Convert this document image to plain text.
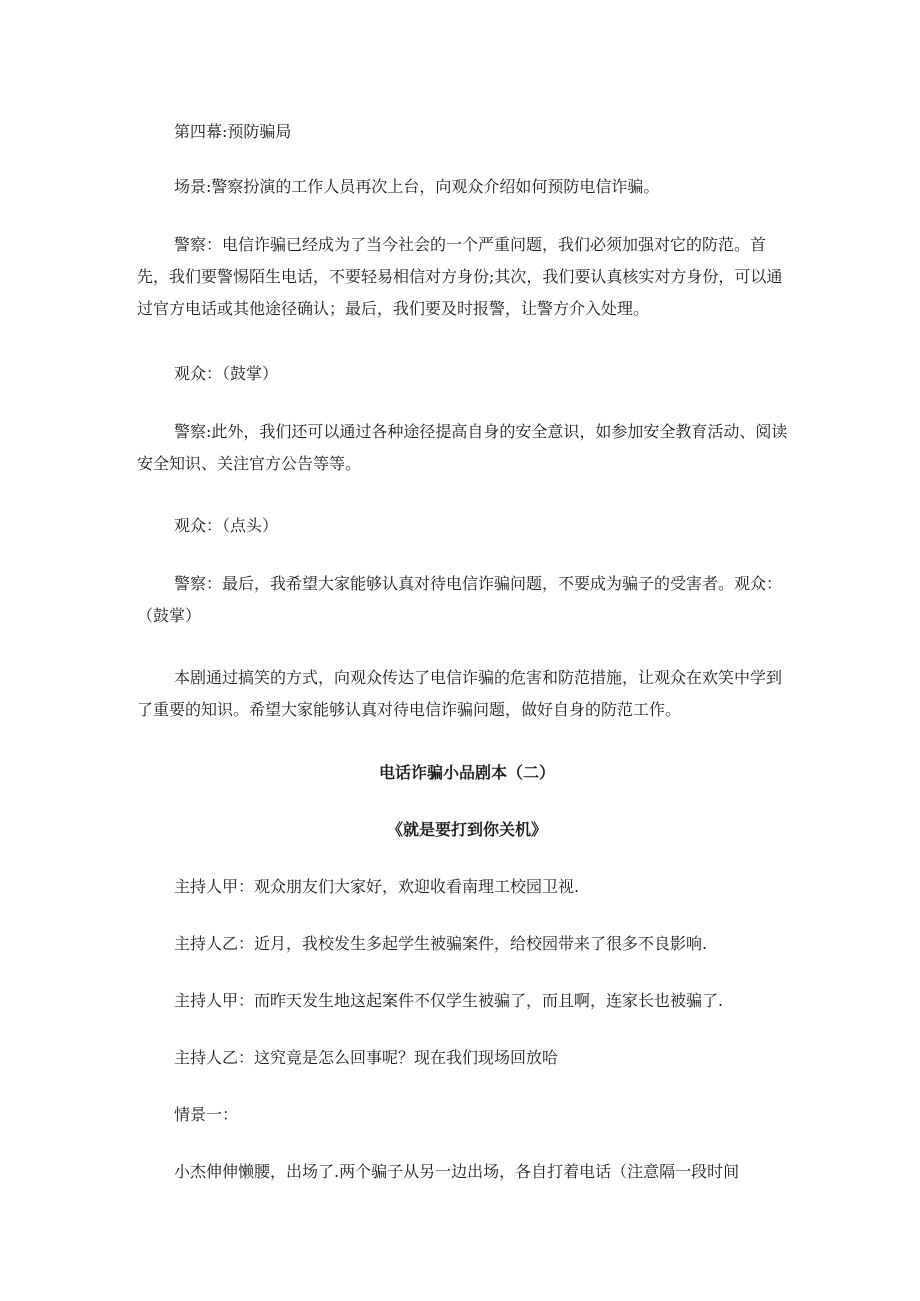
第四幕:预防骗局

场景:警察扮演的工作人员再次上台，向观众介绍如何预防电信诈骗。

警察：电信诈骗已经成为了当今社会的一个严重问题，我们必须加强对它的防范。首先，我们要警惕陌生电话，不要轻易相信对方身份;其次，我们要认真核实对方身份，可以通过官方电话或其他途径确认；最后，我们要及时报警，让警方介入处理。

观众：（鼓掌）

警察:此外，我们还可以通过各种途径提高自身的安全意识，如参加安全教育活动、阅读安全知识、关注官方公告等等。

观众：（点头）

警察：最后，我希望大家能够认真对待电信诈骗问题，不要成为骗子的受害者。观众：（鼓掌）

本剧通过搞笑的方式，向观众传达了电信诈骗的危害和防范措施，让观众在欢笑中学到了重要的知识。希望大家能够认真对待电信诈骗问题，做好自身的防范工作。

电话诈骗小品剧本（二）
《就是要打到你关机》

主持人甲：观众朋友们大家好，欢迎收看南理工校园卫视.

主持人乙：近月，我校发生多起学生被骗案件，给校园带来了很多不良影响.

主持人甲：而昨天发生地这起案件不仅学生被骗了，而且啊，连家长也被骗了.

主持人乙：这究竟是怎么回事呢？现在我们现场回放哈

情景一：

小杰伸伸懒腰，出场了.两个骗子从另一边出场，各自打着电话（注意隔一段时间
